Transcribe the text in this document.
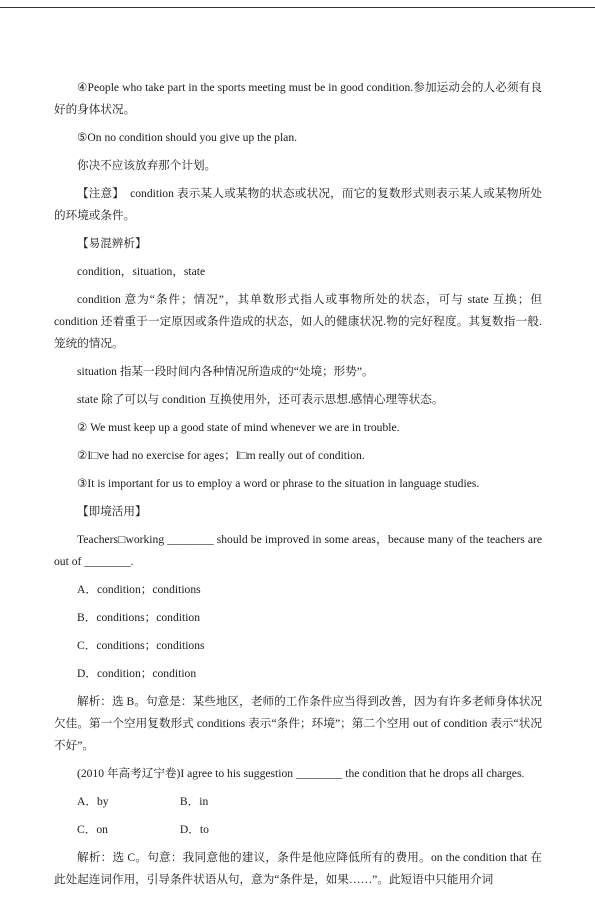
④People who take part in the sports meeting must be in good condition.参加运动会的人必须有良好的身体状况。

⑤On no condition should you give up the plan.

你决不应该放弃那个计划。

【注意】　condition 表示某人或某物的状态或状况，而它的复数形式则表示某人或某物所处的环境或条件。

【易混辨析】

condition，situation，state

condition 意为“条件；情况”，其单数形式指人或事物所处的状态，可与 state 互换；但 condition 还着重于一定原因或条件造成的状态，如人的健康状况.物的完好程度。其复数指一般.笼统的情况。

situation 指某一段时间内各种情况所造成的“处境；形势”。

state 除了可以与 condition 互换使用外，还可表示思想.感情心理等状态。

② We must keep up a good state of mind whenever we are in trouble.

②I□ve had no exercise for ages；I□m really out of condition.

③It is important for us to employ a word or phrase to the situation in language studies.

【即境活用】

Teachers□working ________ should be improved in some areas，because many of the teachers are out of ________.

A．condition；conditions

B．conditions；condition

C．conditions；conditions

D．condition；condition

解析：选 B。句意是：某些地区，老师的工作条件应当得到改善，因为有许多老师身体状况欠佳。第一个空用复数形式 conditions 表示“条件；环境”；第二个空用 out of condition 表示“状况不好”。

(2010 年高考辽宁卷)I agree to his suggestion ________ the condition that he drops all charges.

A．by	B．in
C．on	D．to

解析：选 C。句意：我同意他的建议，条件是他应降低所有的费用。on the condition that 在此处起连词作用，引导条件状语从句，意为“条件是，如果……”。此短语中只能用介词
